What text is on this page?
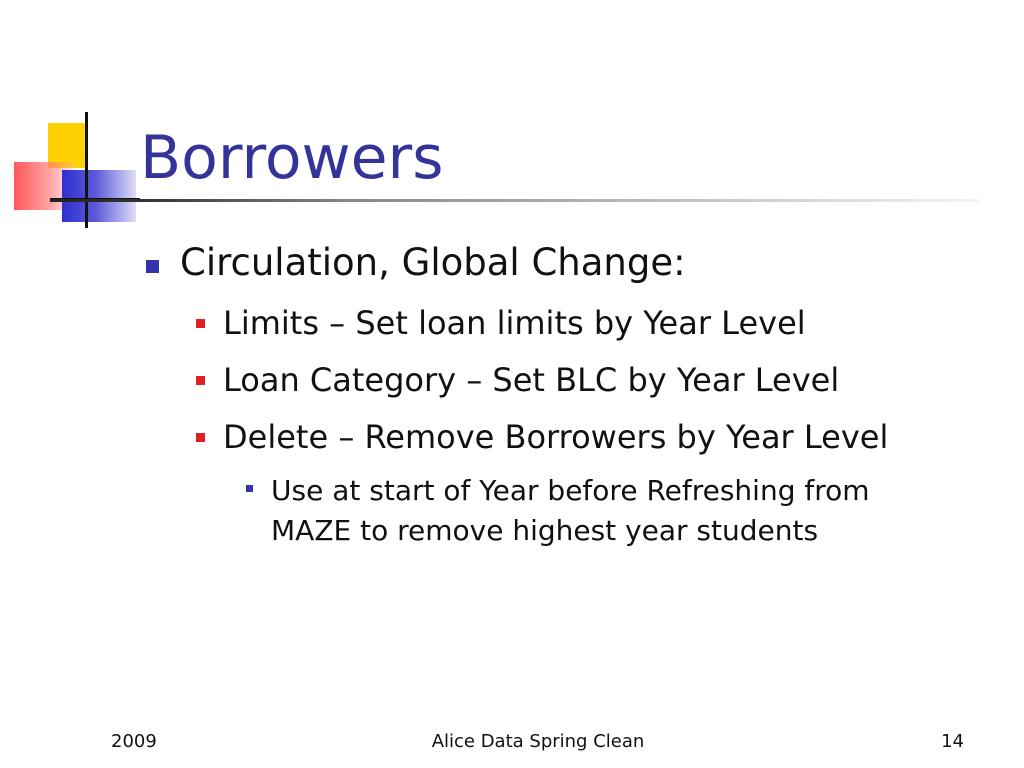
Borrowers
Circulation, Global Change:
Limits – Set loan limits by Year Level
Loan Category – Set BLC by Year Level
Delete – Remove Borrowers by Year Level
Use at start of Year before Refreshing from MAZE to remove highest year students
2009	Alice Data Spring Clean	14
